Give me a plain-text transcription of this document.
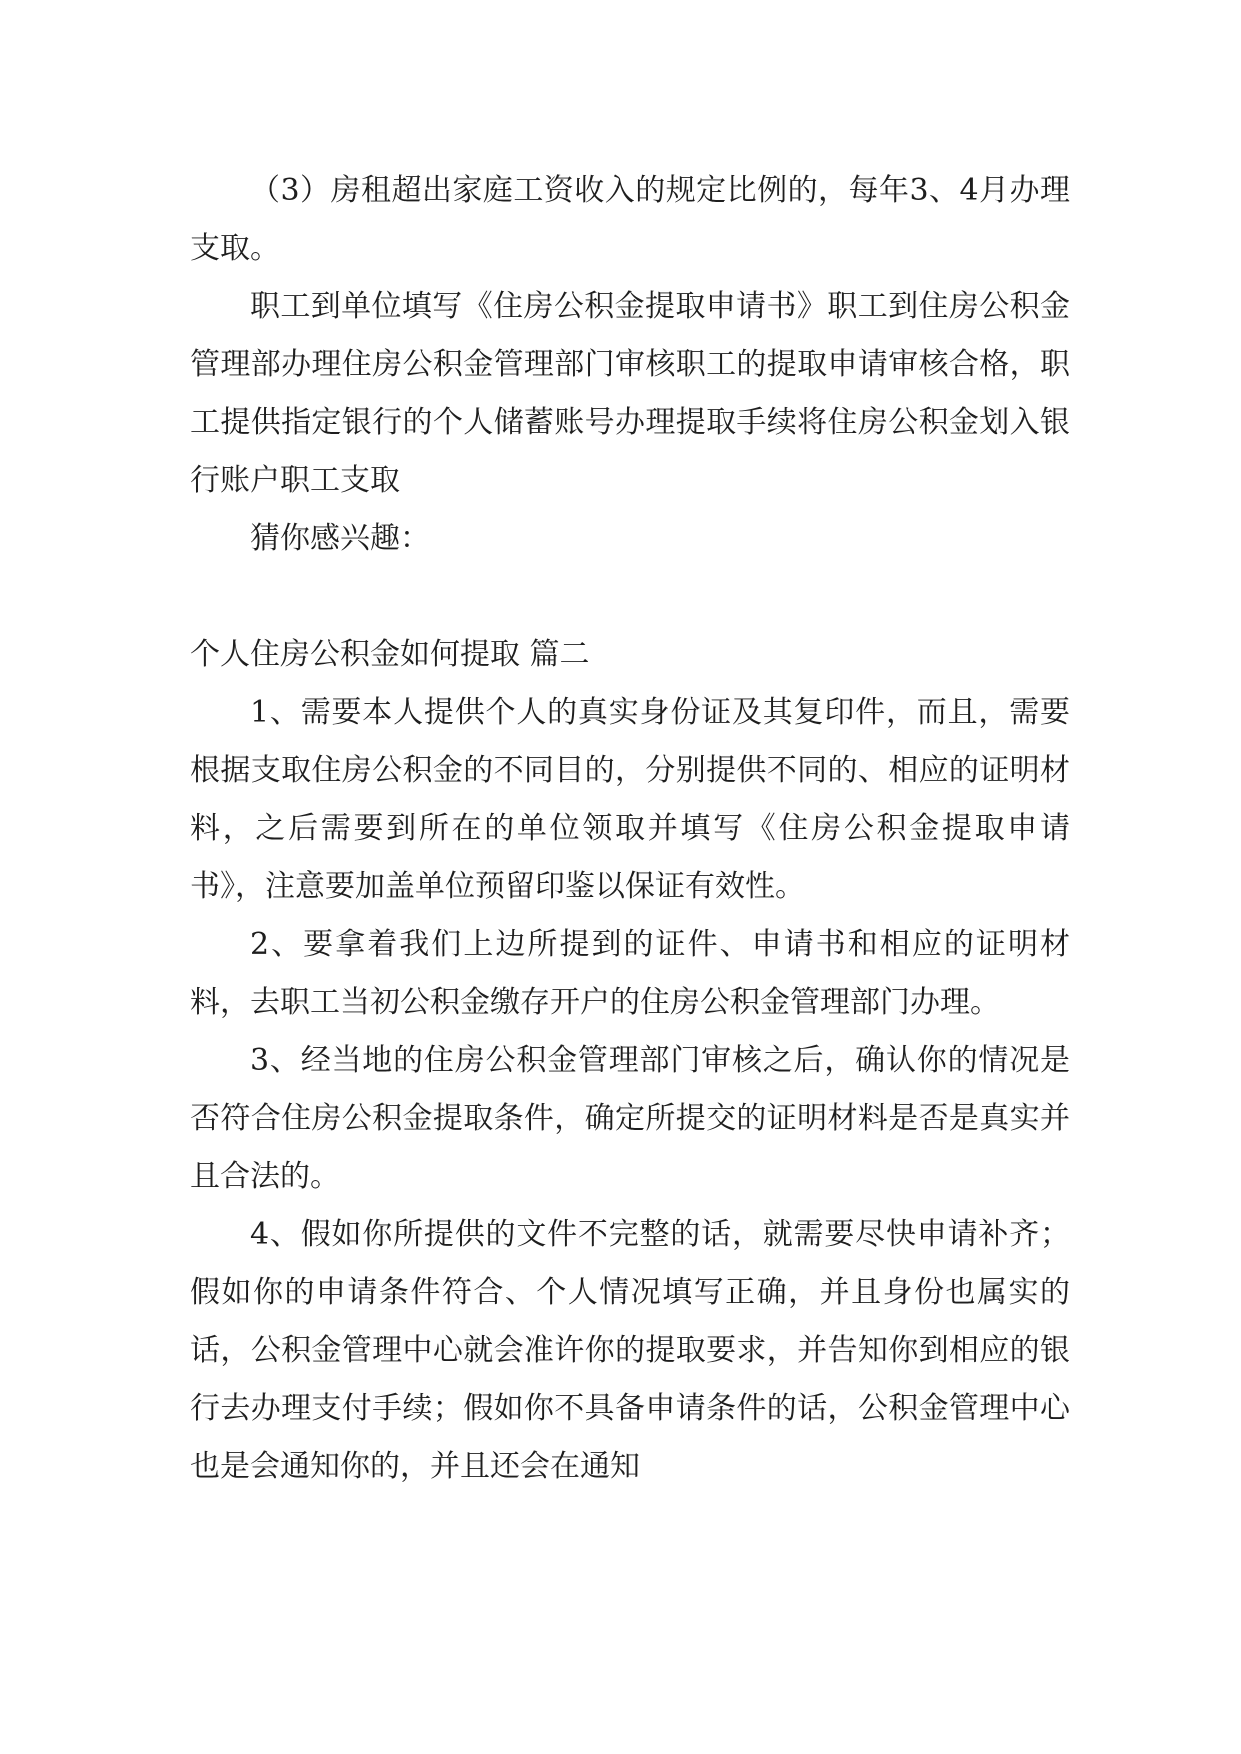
（3）房租超出家庭工资收入的规定比例的，每年3、4月办理支取。

职工到单位填写《住房公积金提取申请书》职工到住房公积金管理部办理住房公积金管理部门审核职工的提取申请审核合格，职工提供指定银行的个人储蓄账号办理提取手续将住房公积金划入银行账户职工支取

猜你感兴趣：

个人住房公积金如何提取 篇二

1、需要本人提供个人的真实身份证及其复印件，而且，需要根据支取住房公积金的不同目的，分别提供不同的、相应的证明材料，之后需要到所在的单位领取并填写《住房公积金提取申请书》，注意要加盖单位预留印鉴以保证有效性。

2、要拿着我们上边所提到的证件、申请书和相应的证明材料，去职工当初公积金缴存开户的住房公积金管理部门办理。

3、经当地的住房公积金管理部门审核之后，确认你的情况是否符合住房公积金提取条件，确定所提交的证明材料是否是真实并且合法的。

4、假如你所提供的文件不完整的话，就需要尽快申请补齐；假如你的申请条件符合、个人情况填写正确，并且身份也属实的话，公积金管理中心就会准许你的提取要求，并告知你到相应的银行去办理支付手续；假如你不具备申请条件的话，公积金管理中心也是会通知你的，并且还会在通知
